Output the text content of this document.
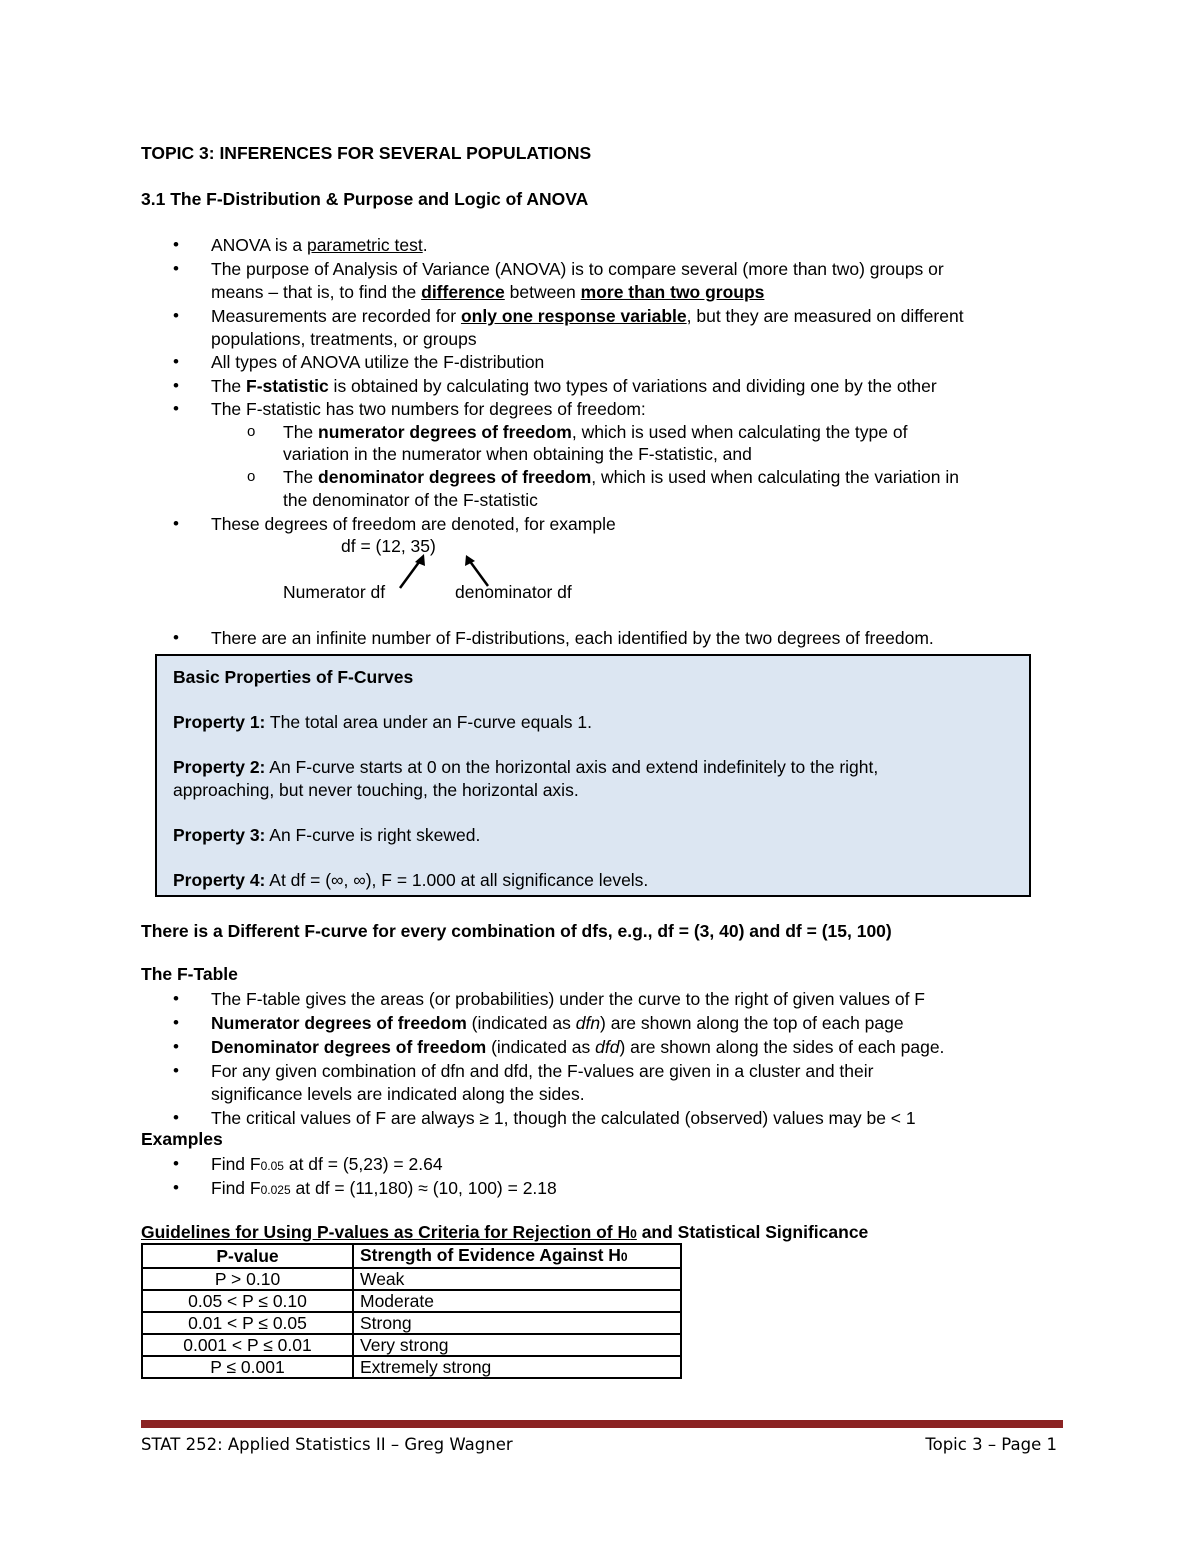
TOPIC 3: INFERENCES FOR SEVERAL POPULATIONS
3.1 The F-Distribution & Purpose and Logic of ANOVA
• ANOVA is a parametric test.
• The purpose of Analysis of Variance (ANOVA) is to compare several (more than two) groups or
means – that is, to find the difference between more than two groups
• Measurements are recorded for only one response variable, but they are measured on different
populations, treatments, or groups
• All types of ANOVA utilize the F-distribution
• The F-statistic is obtained by calculating two types of variations and dividing one by the other
• The F-statistic has two numbers for degrees of freedom:
o The numerator degrees of freedom, which is used when calculating the type of
variation in the numerator when obtaining the F-statistic, and
o The denominator degrees of freedom, which is used when calculating the variation in
the denominator of the F-statistic
• These degrees of freedom are denoted, for example
df = (12, 35)
Numerator df	denominator df
• There are an infinite number of F-distributions, each identified by the two degrees of freedom.
Basic Properties of F-Curves
Property 1: The total area under an F-curve equals 1.
Property 2: An F-curve starts at 0 on the horizontal axis and extend indefinitely to the right,
approaching, but never touching, the horizontal axis.
Property 3: An F-curve is right skewed.
Property 4: At df = (∞, ∞), F = 1.000 at all significance levels.
There is a Different F-curve for every combination of dfs, e.g., df = (3, 40) and df = (15, 100)
The F-Table
• The F-table gives the areas (or probabilities) under the curve to the right of given values of F
• Numerator degrees of freedom (indicated as dfn) are shown along the top of each page
• Denominator degrees of freedom (indicated as dfd) are shown along the sides of each page.
• For any given combination of dfn and dfd, the F-values are given in a cluster and their
significance levels are indicated along the sides.
• The critical values of F are always ≥ 1, though the calculated (observed) values may be < 1
Examples
• Find F0.05 at df = (5,23) = 2.64
• Find F0.025 at df = (11,180) ≈ (10, 100) = 2.18
Guidelines for Using P-values as Criteria for Rejection of H0 and Statistical Significance
P-value	Strength of Evidence Against H0
P > 0.10	Weak
0.05 < P ≤ 0.10	Moderate
0.01 < P ≤ 0.05	Strong
0.001 < P ≤ 0.01	Very strong
P ≤ 0.001	Extremely strong
STAT 252: Applied Statistics II – Greg Wagner	Topic 3 – Page 1
